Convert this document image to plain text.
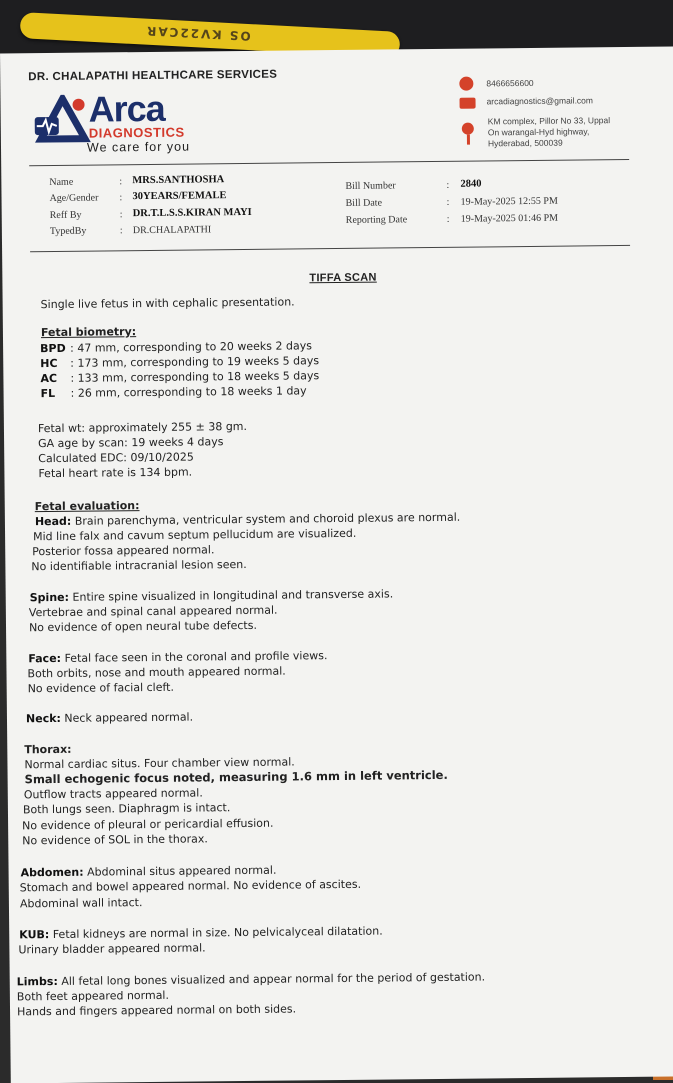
OS KV22CAR
DR. CHALAPATHI HEALTHCARE SERVICES
Arca
DIAGNOSTICS
We care for you
8466656600
arcadiagnostics@gmail.com
KM complex, Pillor No 33, Uppal
On warangal-Hyd highway,
Hyderabad, 500039
Name	: MRS.SANTHOSHA
Age/Gender : 30YEARS/FEMALE
Reff By	: DR.T.L.S.S.KIRAN MAYI
TypedBy	: DR.CHALAPATHI
Bill Number	: 2840
Bill Date	: 19-May-2025 12:55 PM
Reporting Date	: 19-May-2025 01:46 PM
TIFFA SCAN
Single live fetus in with cephalic presentation.
Fetal biometry:
BPD : 47 mm, corresponding to 20 weeks 2 days
HC : 173 mm, corresponding to 19 weeks 5 days
AC : 133 mm, corresponding to 18 weeks 5 days
FL : 26 mm, corresponding to 18 weeks 1 day
Fetal wt: approximately 255 ± 38 gm.
GA age by scan: 19 weeks 4 days
Calculated EDC: 09/10/2025
Fetal heart rate is 134 bpm.
Fetal evaluation:
Head: Brain parenchyma, ventricular system and choroid plexus are normal.
Mid line falx and cavum septum pellucidum are visualized.
Posterior fossa appeared normal.
No identifiable intracranial lesion seen.
Spine: Entire spine visualized in longitudinal and transverse axis.
Vertebrae and spinal canal appeared normal.
No evidence of open neural tube defects.
Face: Fetal face seen in the coronal and profile views.
Both orbits, nose and mouth appeared normal.
No evidence of facial cleft.
Neck: Neck appeared normal.
Thorax:
Normal cardiac situs. Four chamber view normal.
Small echogenic focus noted, measuring 1.6 mm in left ventricle.
Outflow tracts appeared normal.
Both lungs seen. Diaphragm is intact.
No evidence of pleural or pericardial effusion.
No evidence of SOL in the thorax.
Abdomen: Abdominal situs appeared normal.
Stomach and bowel appeared normal. No evidence of ascites.
Abdominal wall intact.
KUB: Fetal kidneys are normal in size. No pelvicalyceal dilatation.
Urinary bladder appeared normal.
Limbs: All fetal long bones visualized and appear normal for the period of gestation.
Both feet appeared normal.
Hands and fingers appeared normal on both sides.
